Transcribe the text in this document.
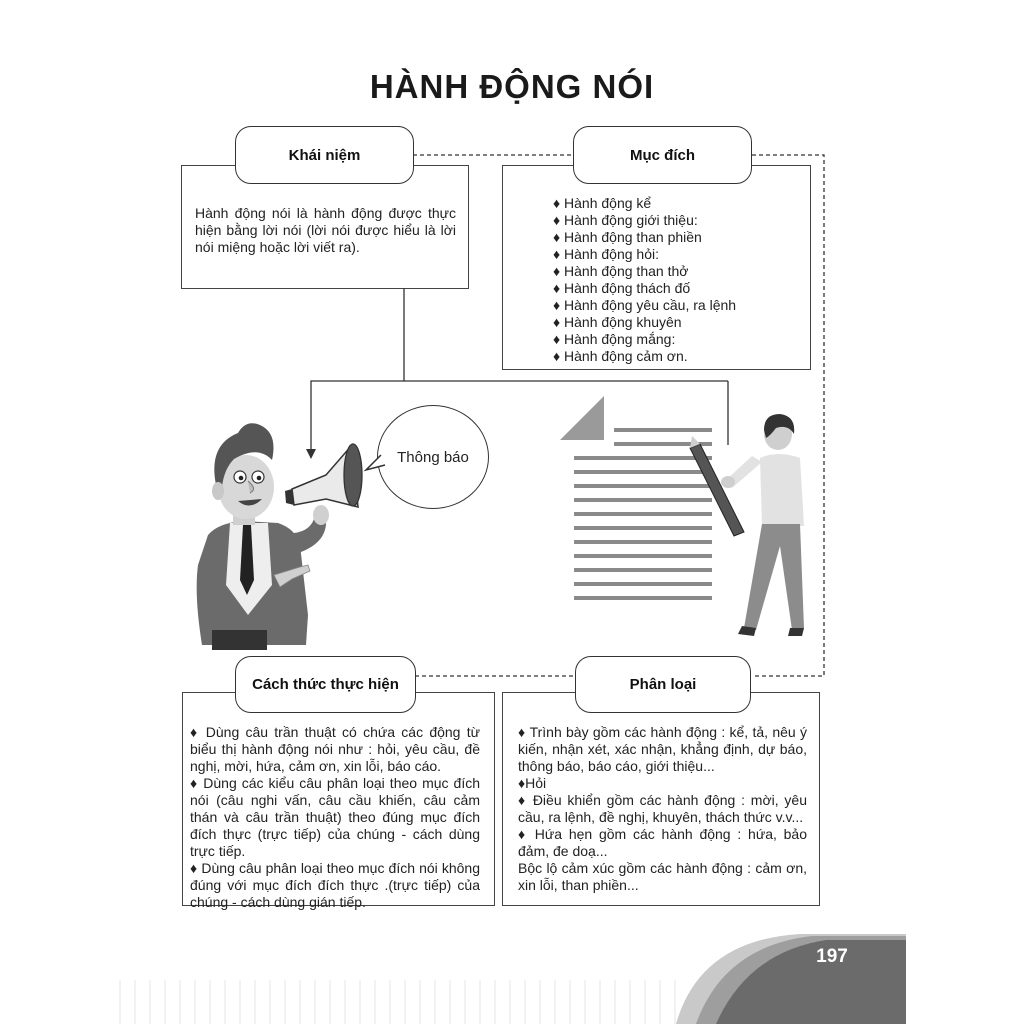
HÀNH ĐỘNG NÓI
Hành động nói là hành động được thực hiện bằng lời nói (lời nói được hiểu là lời nói miệng hoặc lời viết ra).
Khái niệm
♦ Hành động kể
♦ Hành động giới thiệu:
♦ Hành động than phiền
♦ Hành động hỏi:
♦ Hành động than thở
♦ Hành động thách đố
♦ Hành động yêu cầu, ra lệnh
♦ Hành động khuyên
♦ Hành động mắng:
♦ Hành động cảm ơn.
Mục đích
Thông báo

♦ Dùng câu trần thuật có chứa các động từ biểu thị hành động nói như : hỏi, yêu cầu, đề nghị, mời, hứa, cảm ơn, xin lỗi, báo cáo.

♦ Dùng các kiểu câu phân loại theo mục đích nói (câu nghi vấn, câu cầu khiến, câu cảm thán và câu trần thuật) theo đúng mục đích đích thực (trực tiếp) của chúng - cách dùng trực tiếp.

♦ Dùng câu phân loại theo mục đích nói không đúng với mục đích đích thực .(trực tiếp) của chúng - cách dùng gián tiếp.

Cách thức thực hiện

♦ Trình bày gồm các hành động : kể, tả, nêu ý kiến, nhận xét, xác nhận, khẳng định, dự báo, thông báo, báo cáo, giới thiệu...

♦Hỏi

♦ Điều khiển gồm các hành động : mời, yêu cầu, ra lệnh, đề nghị, khuyên, thách thức v.v...

♦ Hứa hẹn gồm các hành động : hứa, bảo đảm, đe doạ...

Bộc lộ cảm xúc gồm các hành động : cảm ơn, xin lỗi, than phiền...

Phân loại
197
